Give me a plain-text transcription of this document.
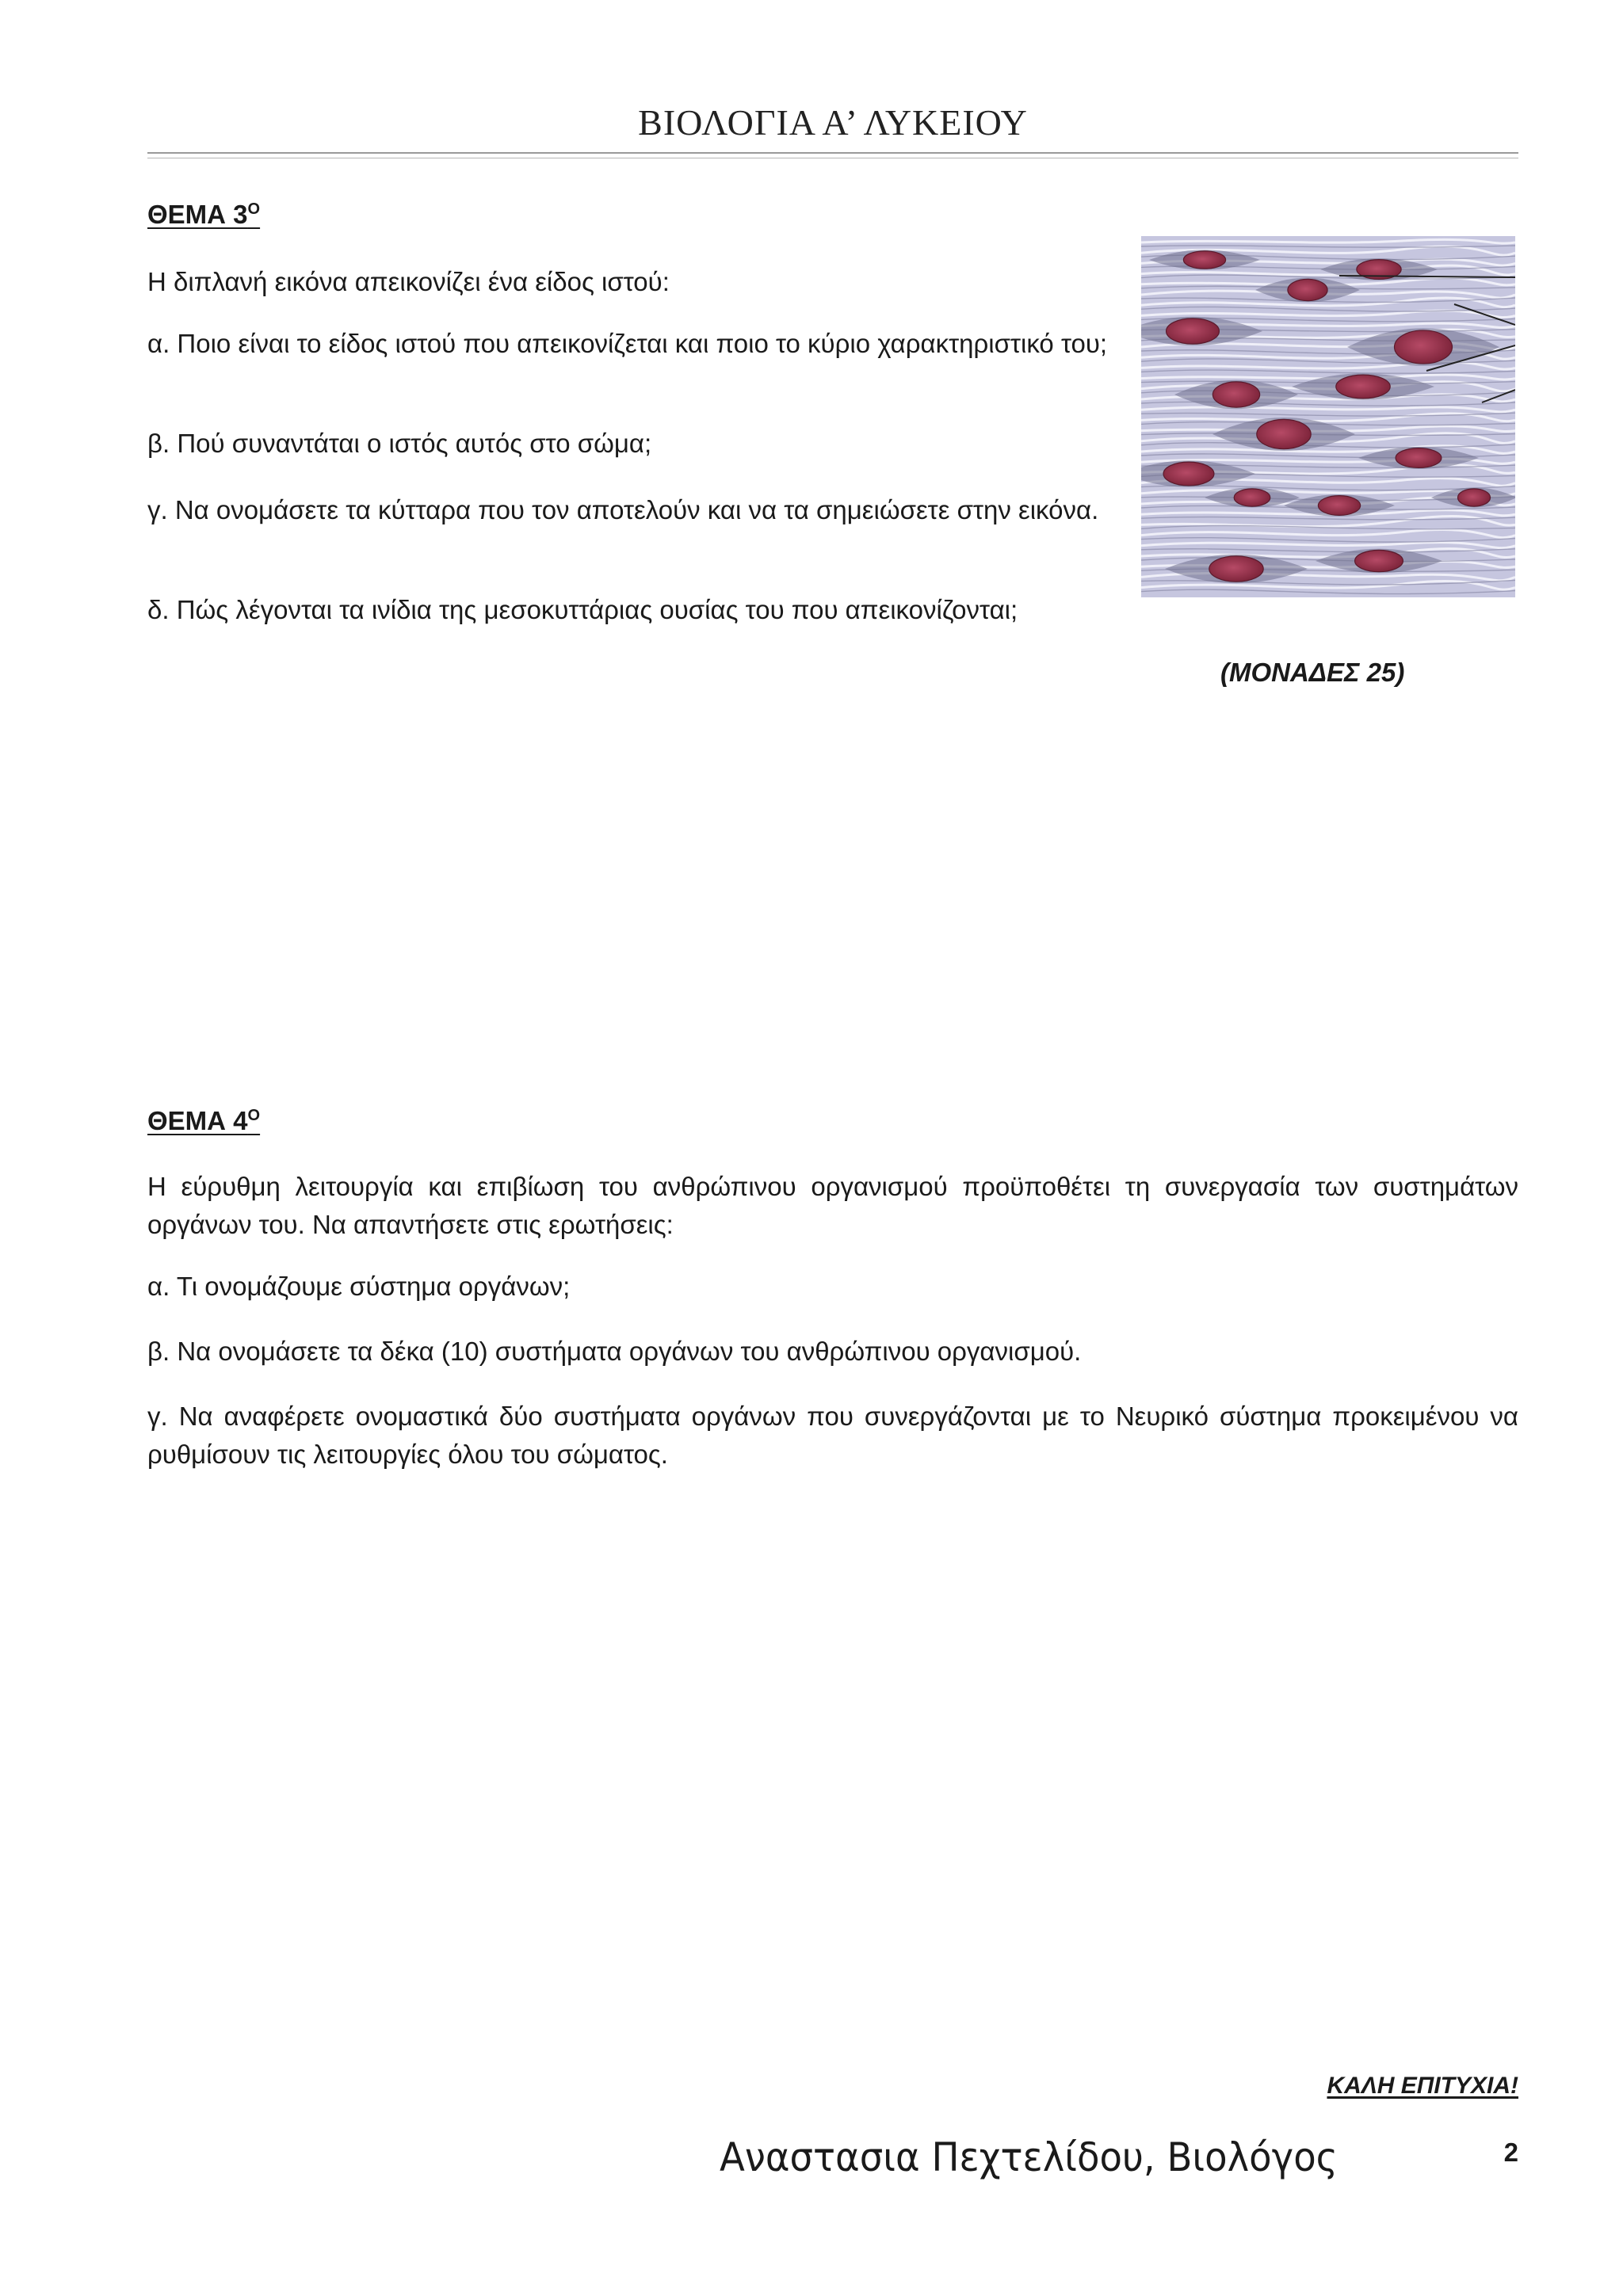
ΒΙΟΛΟΓΙΑ Α’ ΛΥΚΕΙΟΥ
ΘΕΜΑ $3^O$

Η διπλανή εικόνα απεικονίζει ένα είδος ιστού:

α. Ποιο είναι το είδος ιστού που απεικονίζεται και ποιο το κύριο χαρακτηριστικό του;

β. Πού συναντάται ο ιστός αυτός στο σώμα;

γ. Να ονομάσετε τα κύτταρα που τον αποτελούν και να τα σημειώσετε στην εικόνα.

δ. Πώς λέγονται τα ινίδια της μεσοκυττάριας ουσίας του που απεικονίζονται;

(ΜΟΝΑΔΕΣ 25)
ΘΕΜΑ $4^O$

Η εύρυθμη λειτουργία και επιβίωση του ανθρώπινου οργανισμού προϋποθέτει τη συνεργασία των συστημάτων οργάνων του. Να απαντήσετε στις ερωτήσεις:

α. Τι ονομάζουμε σύστημα οργάνων;

β. Να ονομάσετε τα δέκα (10) συστήματα οργάνων του ανθρώπινου οργανισμού.

γ. Να αναφέρετε ονομαστικά δύο συστήματα οργάνων που συνεργάζονται με το Νευρικό σύστημα προκειμένου να ρυθμίσουν τις λειτουργίες όλου του σώματος.

ΚΑΛΗ ΕΠΙΤΥΧΙΑ!
Αναστασια Πεχτελίδου, Βιολόγος	2
